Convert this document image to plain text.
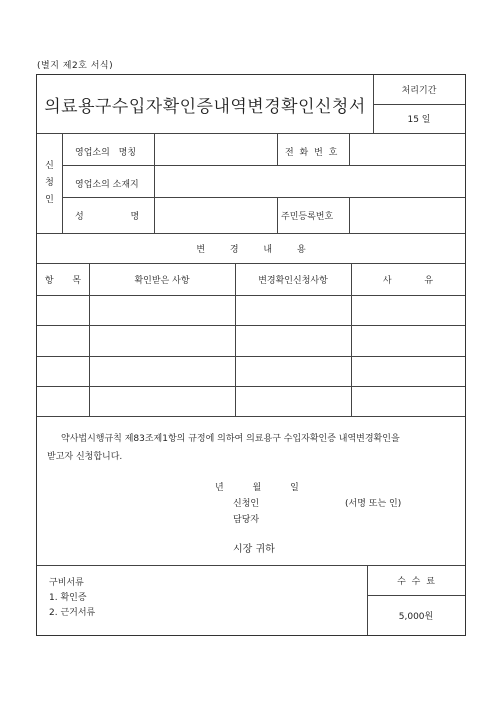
(별지 제2호 서식)
의료용구수입자확인증내역변경확인신청서
처리기간
15 일
신청인
영업소의 명칭	전 화 번 호
영업소의 소재지
성 명	주민등록번호
변 경 내 용
항 목	확인받은 사항	변경확인신청사항	사 유
약사법시행규칙 제83조제1항의 규정에 의하여 의료용구 수입자확인증 내역변경확인을
받고자 신청합니다.
년 월 일
신청인	(서명 또는 인)
담당자
시장 귀하
구비서류
1. 확인증
2. 근거서류
수 수 료
5,000원
